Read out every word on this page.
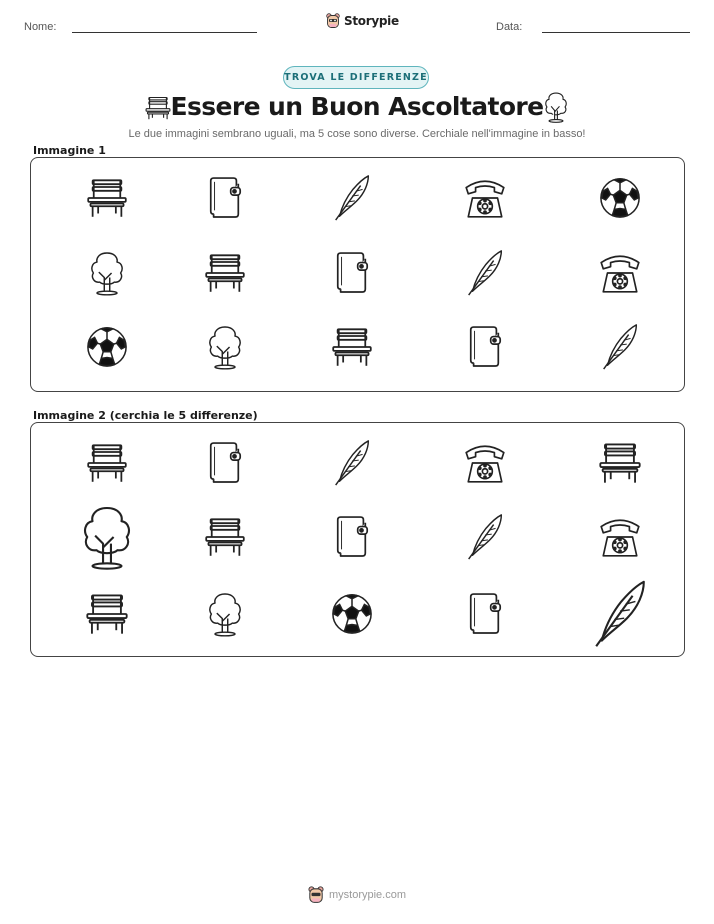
Nome:	Storypie	Data:
TROVA LE DIFFERENZE
Essere un Buon Ascoltatore
Le due immagini sembrano uguali, ma 5 cose sono diverse. Cerchiale nell'immagine in basso!
Immagine 1
Immagine 2 (cerchia le 5 differenze)
mystorypie.com
